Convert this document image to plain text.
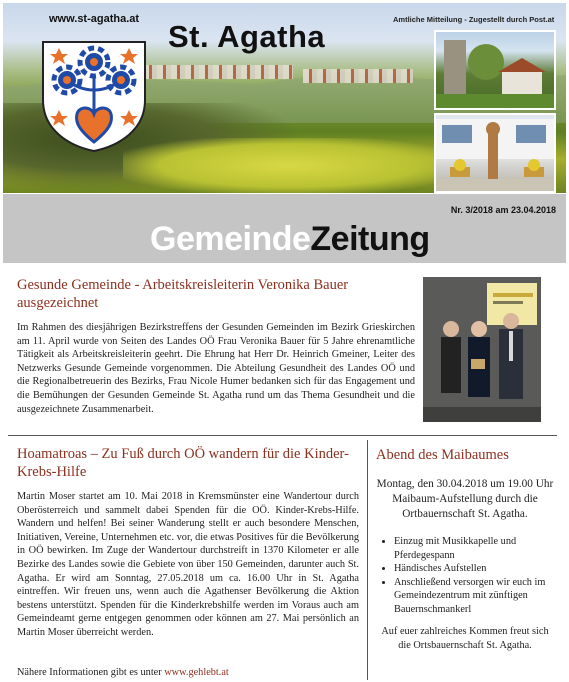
www.st-agatha.at St. Agatha	Amtliche Mitteilung - Zugestellt durch Post.at
Nr. 3/2018 am 23.04.2018
GemeindeZeitung
Gesunde Gemeinde - Arbeitskreisleiterin Veronika Bauer ausgezeichnet
Im Rahmen des diesjährigen Bezirkstreffens der Gesunden Gemeinden im Bezirk Grieskirchen am 11. April wurde von Seiten des Landes OÖ Frau Veronika Bauer für 5 Jahre ehrenamtliche Tätigkeit als Arbeitskreisleiterin geehrt. Die Ehrung hat Herr Dr. Heinrich Gmeiner, Leiter des Netzwerks Gesunde Gemeinde vorgenommen. Die Abteilung Gesundheit des Landes OÖ und die Regionalbetreuerin des Bezirks, Frau Nicole Humer bedanken sich für das Engagement und die Bemühungen der Gesunden Gemeinde St. Agatha rund um das Thema Gesundheit und die ausgezeichnete Zusammenarbeit.
Hoamatroas – Zu Fuß durch OÖ wandern für die Kinder-Krebs-Hilfe
Martin Moser startet am 10. Mai 2018 in Kremsmünster eine Wandertour durch Oberösterreich und sammelt dabei Spenden für die OÖ. Kinder-Krebs-Hilfe. Wandern und helfen! Bei seiner Wanderung stellt er auch besondere Menschen, Initiativen, Vereine, Unternehmen etc. vor, die etwas Positives für die Bevölkerung in OÖ bewirken. Im Zuge der Wandertour durchstreift in 1370 Kilometer er alle Bezirke des Landes sowie die Gebiete von über 150 Gemeinden, darunter auch St. Agatha. Er wird am Sonntag, 27.05.2018 um ca. 16.00 Uhr in St. Agatha eintreffen. Wir freuen uns, wenn auch die Agathenser Bevölkerung die Aktion bestens unterstützt. Spenden für die Kinderkrebshilfe werden im Voraus auch am Gemeindeamt gerne entgegen genommen oder können am 27. Mai persönlich an Martin Moser überreicht werden.
Nähere Informationen gibt es unter www.gehlebt.at
Abend des Maibaumes
Montag, den 30.04.2018 um 19.00 Uhr Maibaum-Aufstellung durch die Ortbauernschaft St. Agatha.
• Einzug mit Musikkapelle und Pferdegespann
• Händisches Aufstellen
• Anschließend versorgen wir euch im Gemeindezentrum mit zünftigen Bauernschmankerl
Auf euer zahlreiches Kommen freut sich die Ortsbauernschaft St. Agatha.
